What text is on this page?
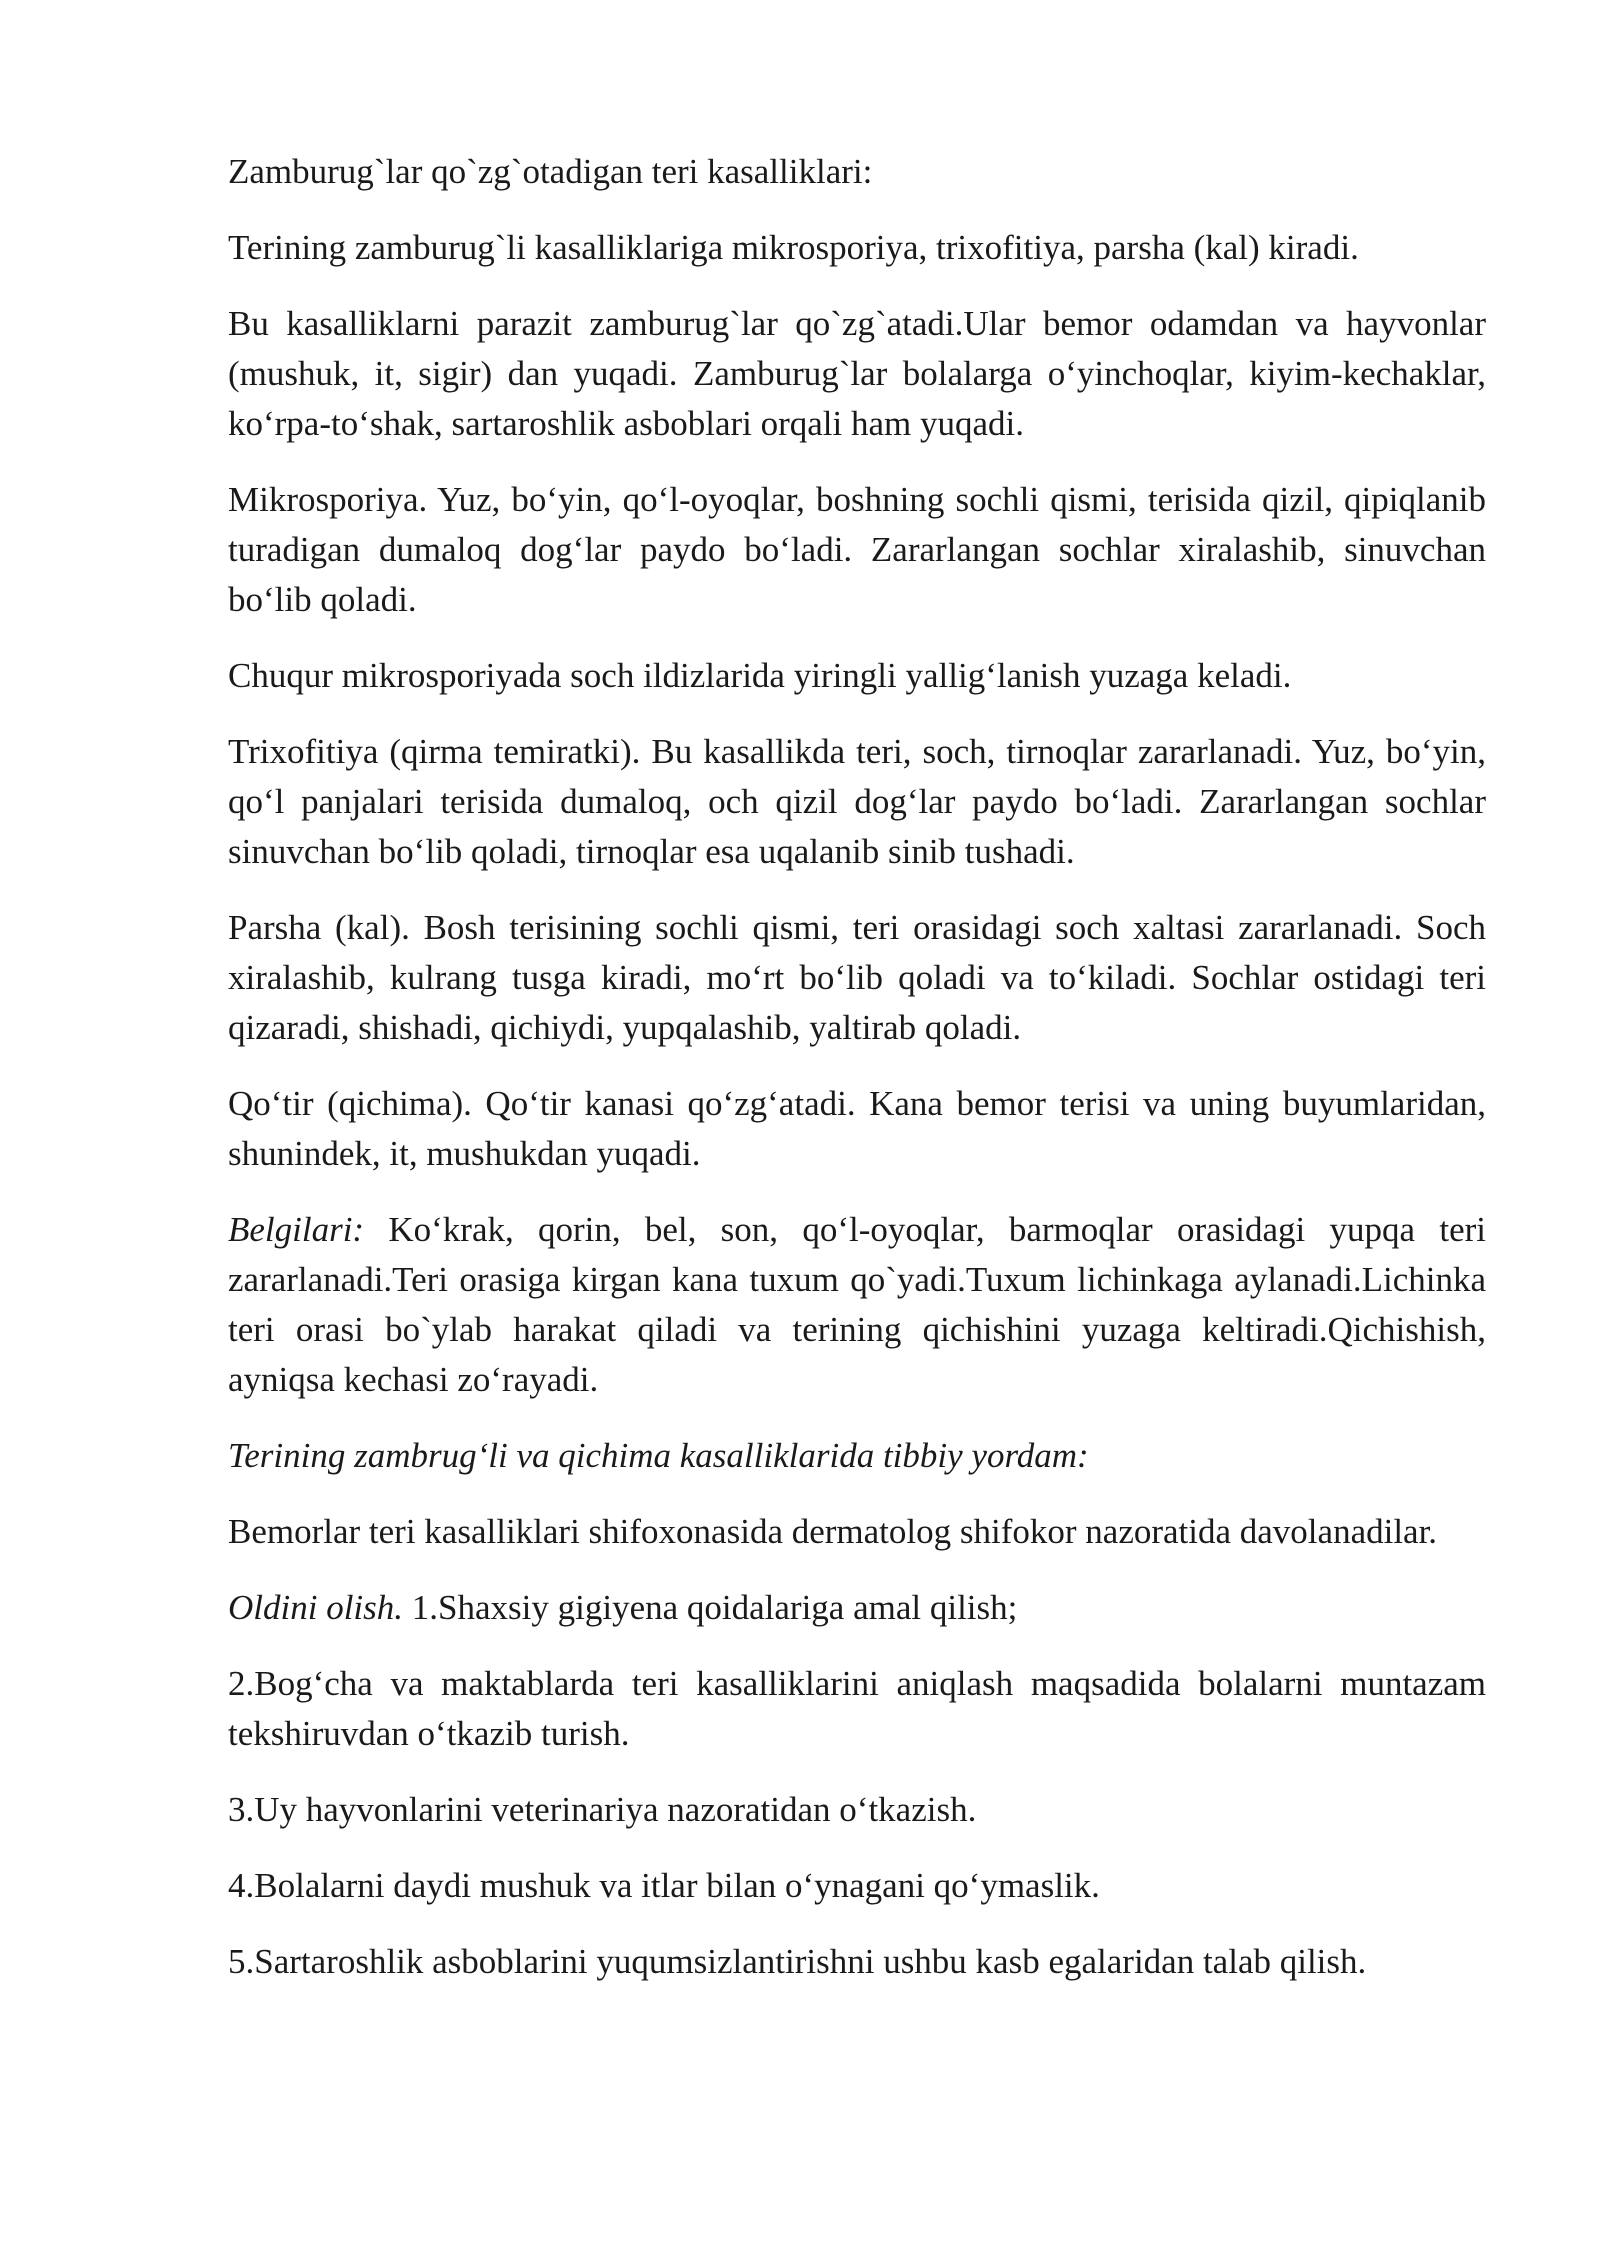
Zamburug`lar qo`zg`otadigan teri kasalliklari:

Terining zamburug`li kasalliklariga mikrosporiya, trixofitiya, parsha (kal) kiradi.

Bu kasalliklarni parazit zamburug`lar qo`zg`atadi.Ular bemor odamdan va hayvonlar (mushuk, it, sigir) dan yuqadi. Zamburug`lar bolalarga o‘yinchoqlar, kiyim-kechaklar, ko‘rpa-to‘shak, sartaroshlik asboblari orqali ham yuqadi.

Mikrosporiya. Yuz, bo‘yin, qo‘l-oyoqlar, boshning sochli qismi, terisida qizil, qipiqlanib turadigan dumaloq dog‘lar paydo bo‘ladi. Zararlangan sochlar xiralashib, sinuvchan bo‘lib qoladi.

Chuqur mikrosporiyada soch ildizlarida yiringli yallig‘lanish yuzaga keladi.

Trixofitiya (qirma temiratki). Bu kasallikda teri, soch, tirnoqlar zararlanadi. Yuz, bo‘yin, qo‘l panjalari terisida dumaloq, och qizil dog‘lar paydo bo‘ladi. Zararlangan sochlar sinuvchan bo‘lib qoladi, tirnoqlar esa uqalanib sinib tushadi.

Parsha (kal). Bosh terisining sochli qismi, teri orasidagi soch xaltasi zararlanadi. Soch xiralashib, kulrang tusga kiradi, mo‘rt bo‘lib qoladi va to‘kiladi. Sochlar ostidagi teri qizaradi, shishadi, qichiydi, yupqalashib, yaltirab qoladi.

Qo‘tir (qichima). Qo‘tir kanasi qo‘zg‘atadi. Kana bemor terisi va uning buyumlaridan, shunindek, it, mushukdan yuqadi.

Belgilari: Ko‘krak, qorin, bel, son, qo‘l-oyoqlar, barmoqlar orasidagi yupqa teri zararlanadi.Teri orasiga kirgan kana tuxum qo`yadi.Tuxum lichinkaga aylanadi.Lichinka teri orasi bo`ylab harakat qiladi va terining qichishini yuzaga keltiradi.Qichishish, ayniqsa kechasi zo‘rayadi.

Terining zambrug‘li va qichima kasalliklarida tibbiy yordam:

Bemorlar teri kasalliklari shifoxonasida dermatolog shifokor nazoratida davolanadilar.

Oldini olish. 1.Shaxsiy gigiyena qoidalariga amal qilish;

2.Bog‘cha va maktablarda teri kasalliklarini aniqlash maqsadida bolalarni muntazam tekshiruvdan o‘tkazib turish.

3.Uy hayvonlarini veterinariya nazoratidan o‘tkazish.

4.Bolalarni daydi mushuk va itlar bilan o‘ynagani qo‘ymaslik.

5.Sartaroshlik asboblarini yuqumsizlantirishni ushbu kasb egalaridan talab qilish.
